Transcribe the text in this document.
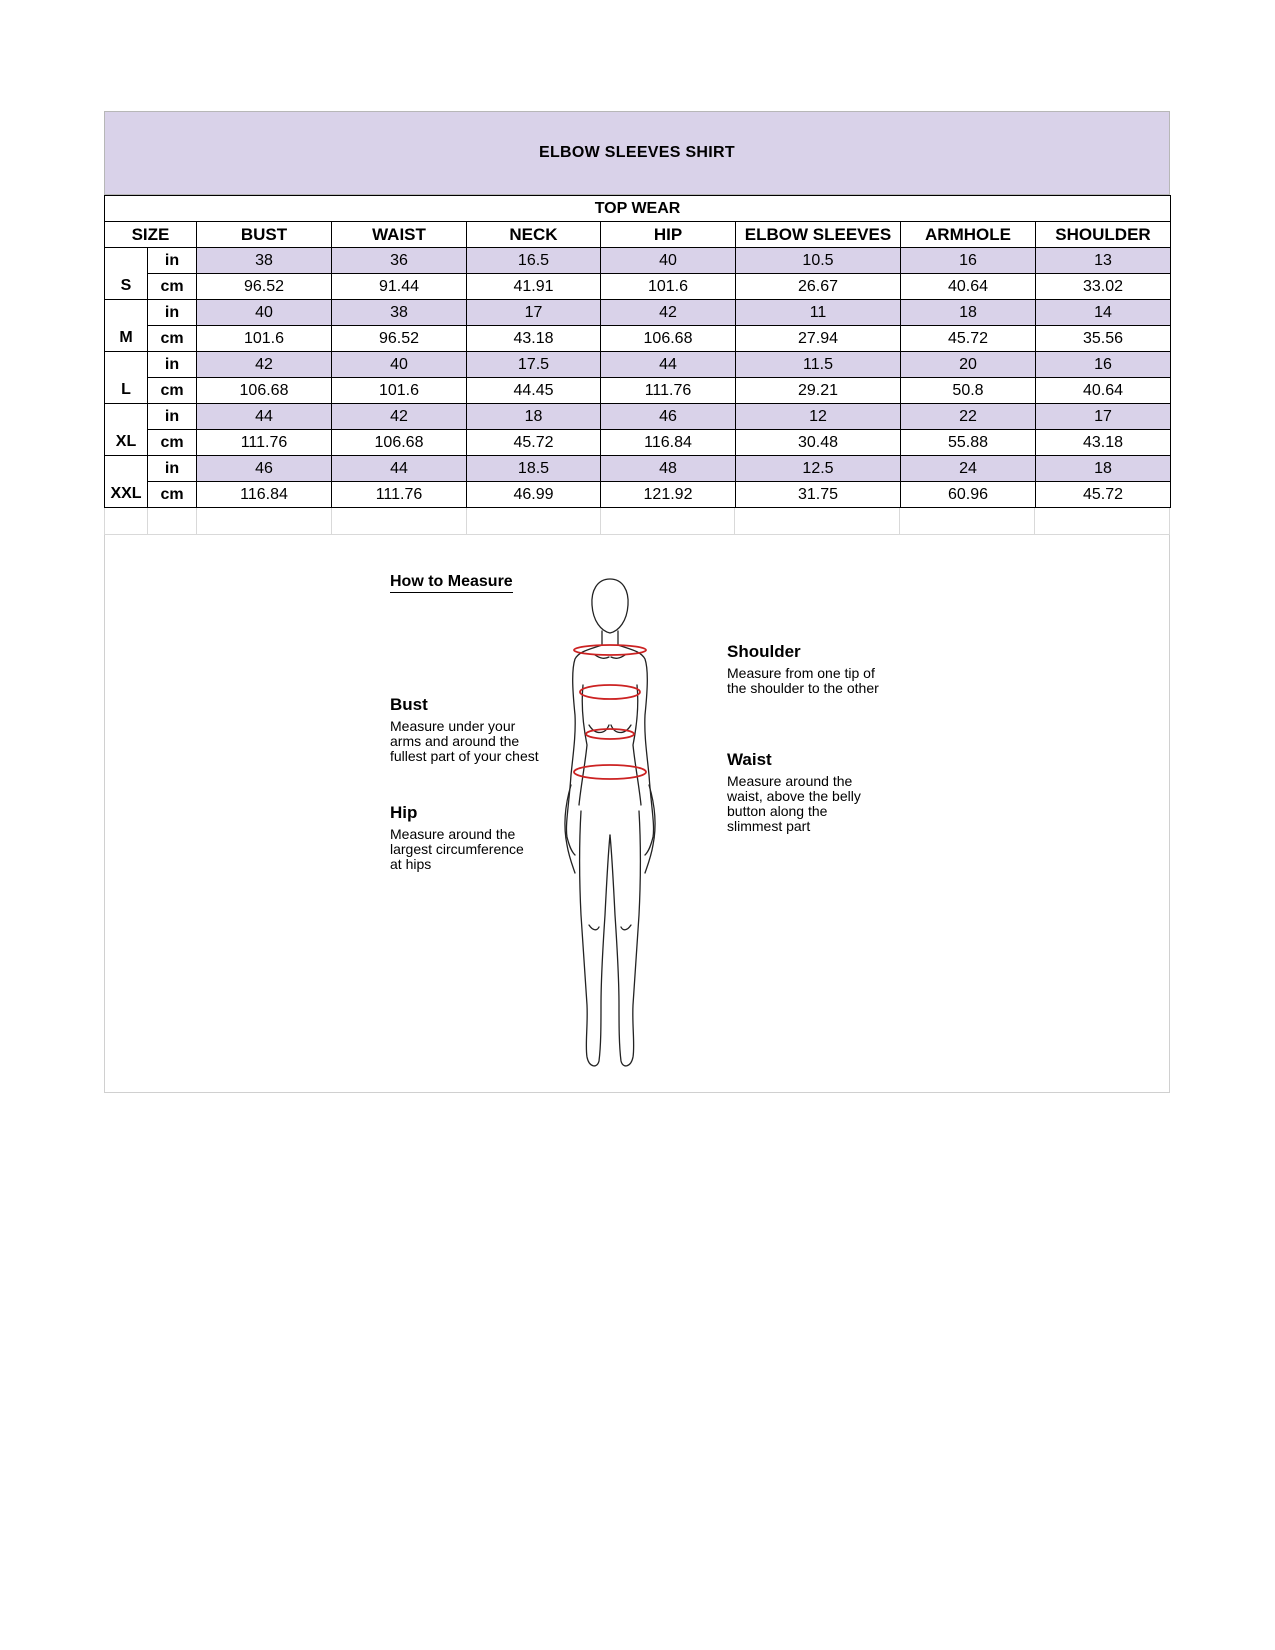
ELBOW SLEEVES SHIRT
TOP WEAR								
SIZE		BUST	WAIST	NECK	HIP	ELBOW SLEEVES	ARMHOLE	SHOULDER
S	in	38	36	16.5	40	10.5	16	13
	cm	96.52	91.44	41.91	101.6	26.67	40.64	33.02
M	in	40	38	17	42	11	18	14
	cm	101.6	96.52	43.18	106.68	27.94	45.72	35.56
L	in	42	40	17.5	44	11.5	20	16
	cm	106.68	101.6	44.45	111.76	29.21	50.8	40.64
XL	in	44	42	18	46	12	22	17
	cm	111.76	106.68	45.72	116.84	30.48	55.88	43.18
XXL	in	46	44	18.5	48	12.5	24	18
	cm	116.84	111.76	46.99	121.92	31.75	60.96	45.72
How to Measure
Bust
Measure under your
arms and around the
fullest part of your chest
Hip
Measure around the
largest circumference
at hips
Shoulder
Measure from one tip of
the shoulder to the other
Waist
Measure around the
waist, above the belly
button along the
slimmest part
